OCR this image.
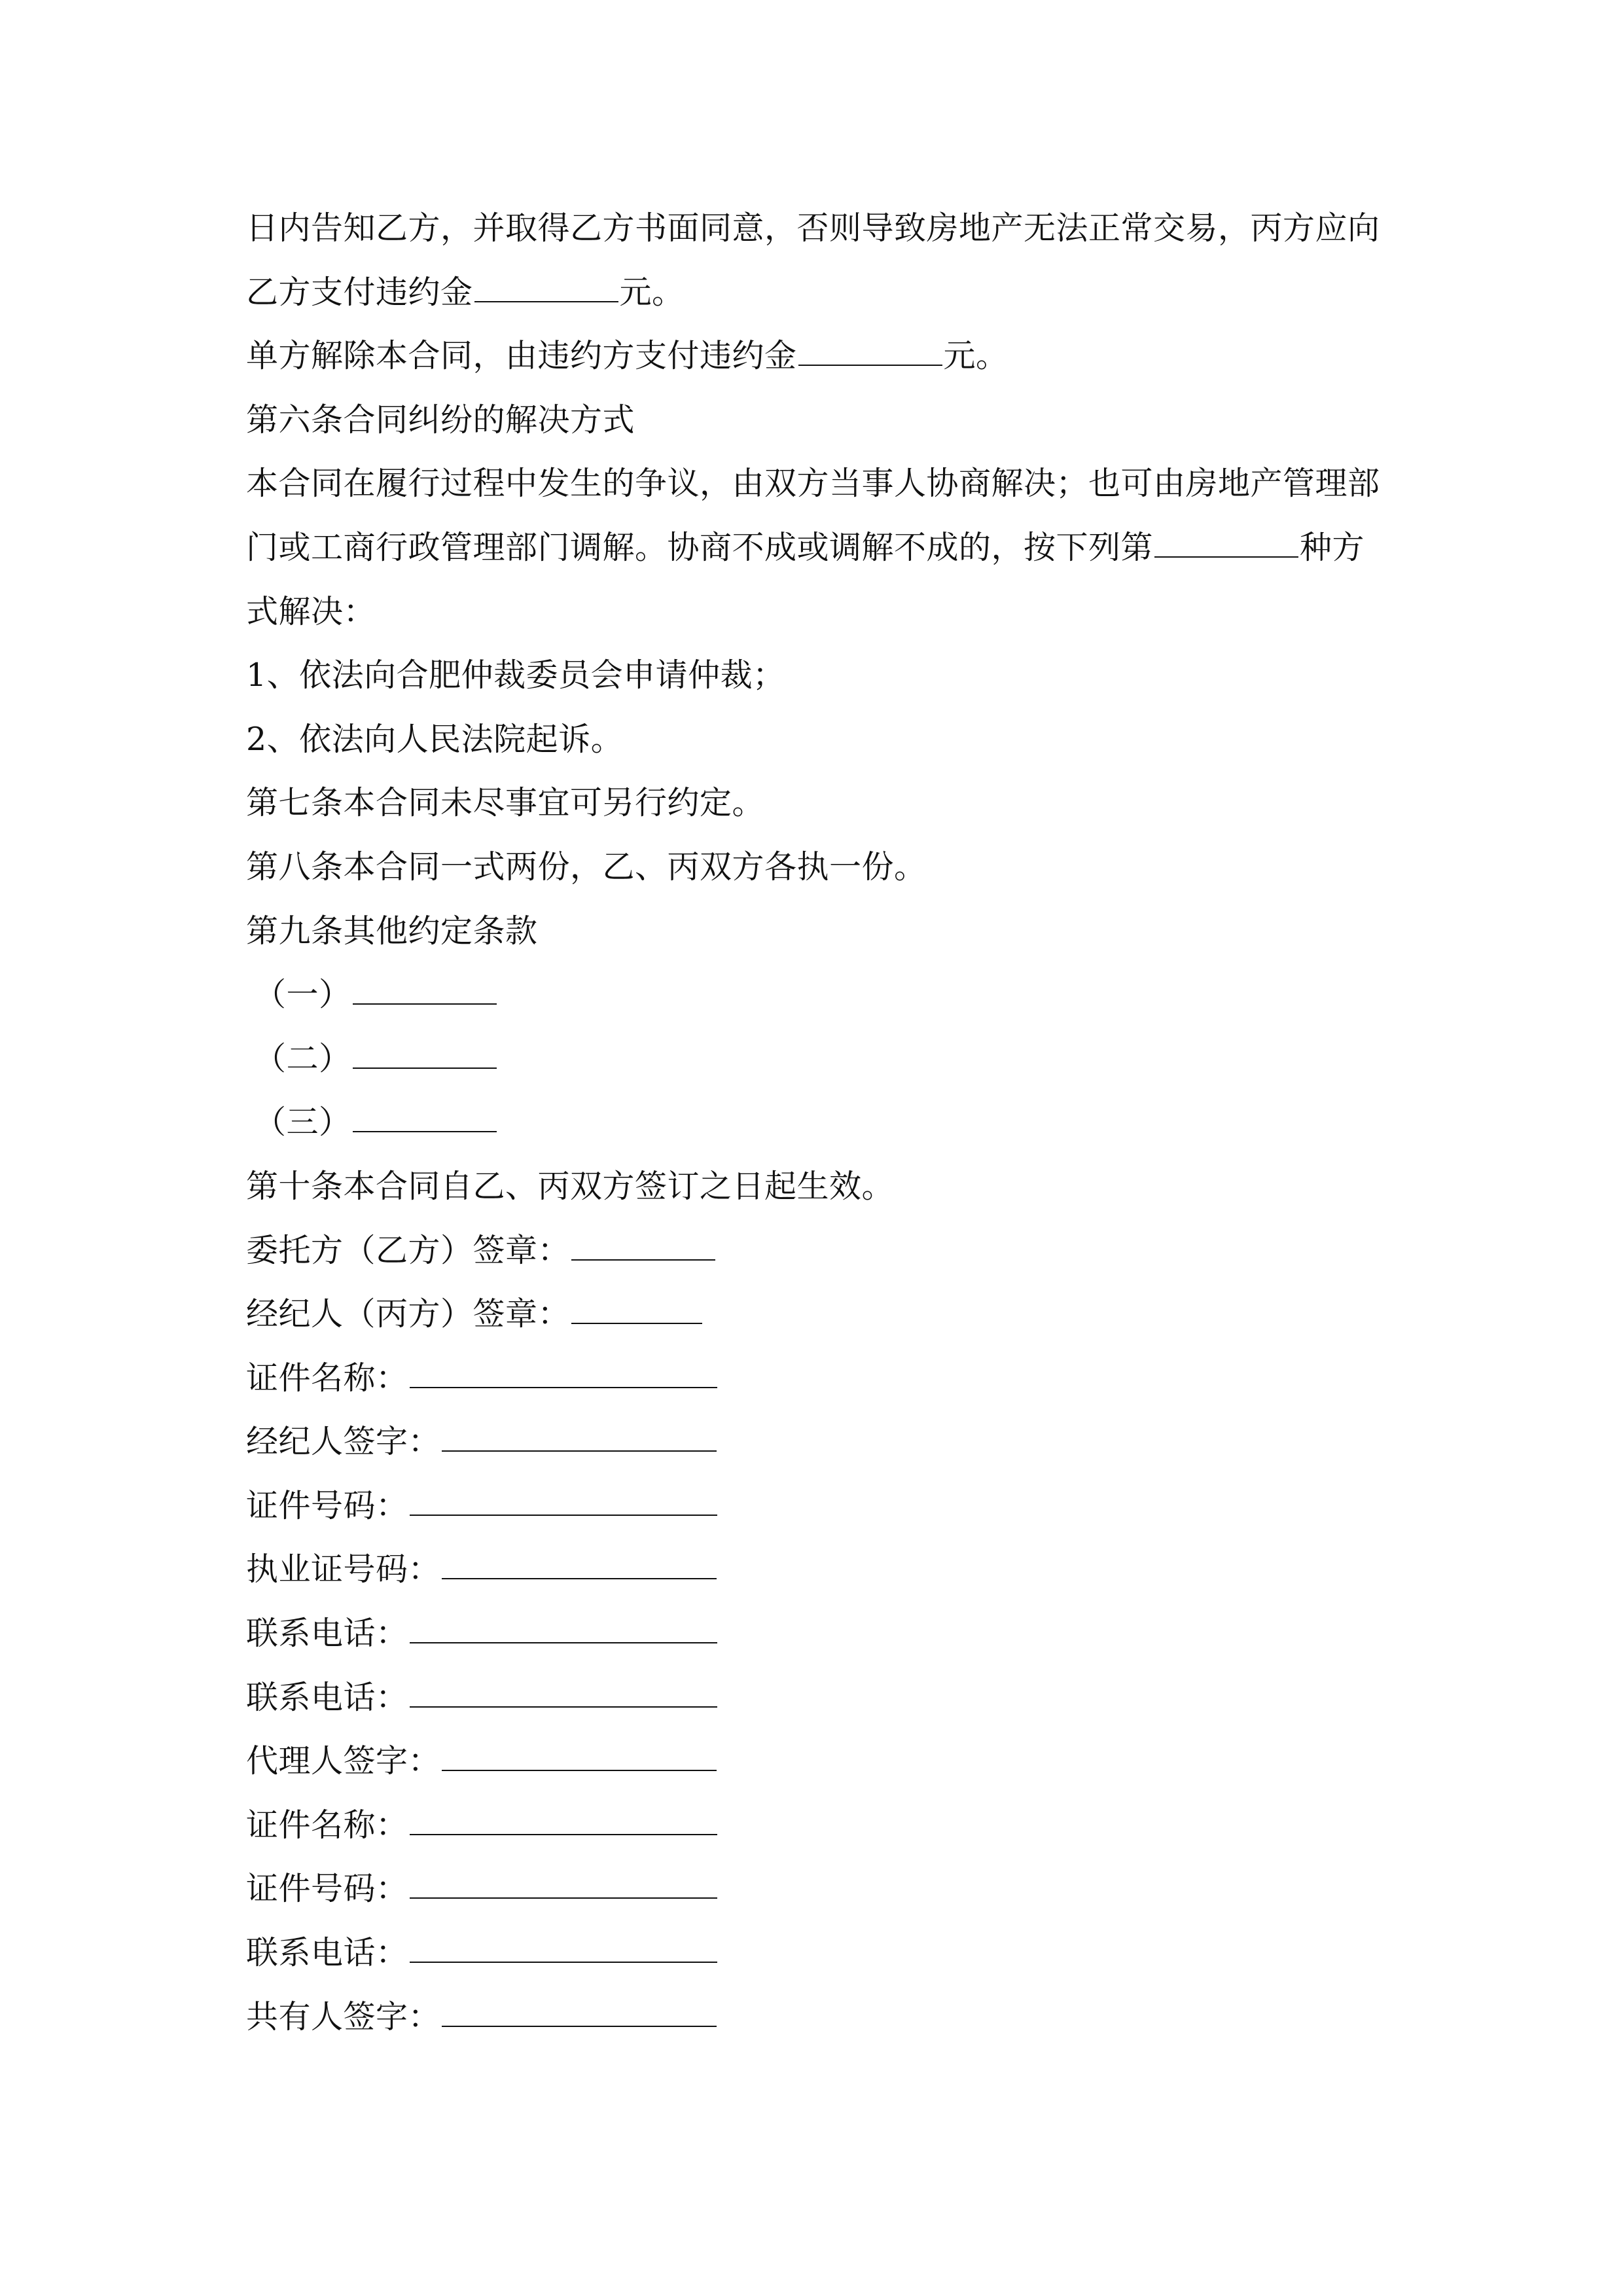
日内告知乙方，并取得乙方书面同意，否则导致房地产无法正常交易，丙方应向
乙方支付违约金	元。
单方解除本合同，由违约方支付违约金	元。
第六条合同纠纷的解决方式
本合同在履行过程中发生的争议，由双方当事人协商解决；也可由房地产管理部
门或工商行政管理部门调解。协商不成或调解不成的，按下列第	种方
式解决：
1、依法向合肥仲裁委员会申请仲裁；
2、依法向人民法院起诉。
第七条本合同未尽事宜可另行约定。
第八条本合同一式两份，乙、丙双方各执一份。
第九条其他约定条款
（一）
（二）
（三）
第十条本合同自乙、丙双方签订之日起生效。
委托方（乙方）签章：
经纪人（丙方）签章：
证件名称：
经纪人签字：
证件号码：
执业证号码：
联系电话：
联系电话：
代理人签字：
证件名称：
证件号码：
联系电话：
共有人签字：
